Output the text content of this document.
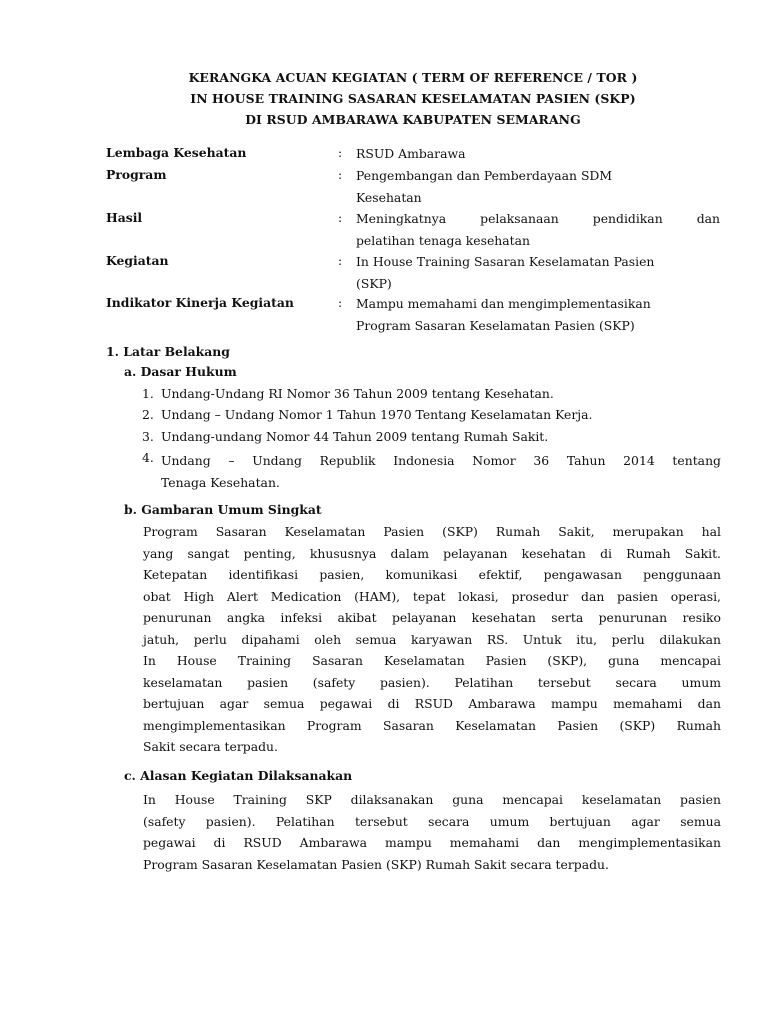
KERANGKA ACUAN KEGIATAN ( TERM OF REFERENCE / TOR )
IN HOUSE TRAINING SASARAN KESELAMATAN PASIEN (SKP)
DI RSUD AMBARAWA KABUPATEN SEMARANG
Lembaga Kesehatan	: RSUD Ambarawa
Program	: Pengembangan dan Pemberdayaan SDM
Kesehatan
Hasil	: Meningkatnya pelaksanaan pendidikan dan
pelatihan tenaga kesehatan
Kegiatan	: In House Training Sasaran Keselamatan Pasien
(SKP)
Indikator Kinerja Kegiatan	: Mampu memahami dan mengimplementasikan
Program Sasaran Keselamatan Pasien (SKP)
1. Latar Belakang
a. Dasar Hukum
1. Undang-Undang RI Nomor 36 Tahun 2009 tentang Kesehatan.
2. Undang – Undang Nomor 1 Tahun 1970 Tentang Keselamatan Kerja.
3. Undang-undang Nomor 44 Tahun 2009 tentang Rumah Sakit.
4. Undang – Undang Republik Indonesia Nomor 36 Tahun 2014 tentang
Tenaga Kesehatan.
b. Gambaran Umum Singkat
Program Sasaran Keselamatan Pasien (SKP) Rumah Sakit, merupakan hal
yang sangat penting, khususnya dalam pelayanan kesehatan di Rumah Sakit.
Ketepatan identifikasi pasien, komunikasi efektif, pengawasan penggunaan
obat High Alert Medication (HAM), tepat lokasi, prosedur dan pasien operasi,
penurunan angka infeksi akibat pelayanan kesehatan serta penurunan resiko
jatuh, perlu dipahami oleh semua karyawan RS. Untuk itu, perlu dilakukan
In House Training Sasaran Keselamatan Pasien (SKP), guna mencapai
keselamatan pasien (safety pasien). Pelatihan tersebut secara umum
bertujuan agar semua pegawai di RSUD Ambarawa mampu memahami dan
mengimplementasikan Program Sasaran Keselamatan Pasien (SKP) Rumah
Sakit secara terpadu.
c. Alasan Kegiatan Dilaksanakan
In House Training SKP dilaksanakan guna mencapai keselamatan pasien
(safety pasien). Pelatihan tersebut secara umum bertujuan agar semua
pegawai di RSUD Ambarawa mampu memahami dan mengimplementasikan
Program Sasaran Keselamatan Pasien (SKP) Rumah Sakit secara terpadu.
